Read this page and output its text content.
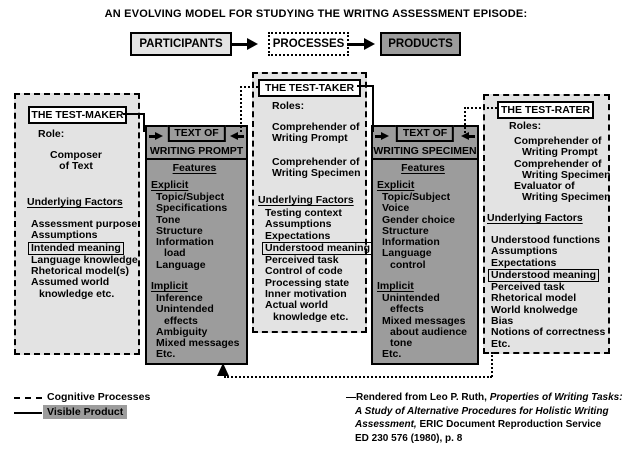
AN EVOLVING MODEL FOR STUDYING THE WRITNG ASSESSMENT EPISODE:
PARTICIPANTS	PROCESSES	PRODUCTS
THE TEST-MAKER
Role:
Composer
of Text
Underlying Factors
Assessment purpose
Assumptions
Intended meaning
Language knowledge
Rhetorical model(s)
Assumed world
knowledge etc.
TEXT OF
WRITING PROMPT
Features
Explicit
Topic/Subject
Specifications
Tone
Structure
Information
load
Language
Implicit
Inference
Unintended
effects
Ambiguity
Mixed messages
Etc.
THE TEST-TAKER
Roles:
Comprehender of
Writing Prompt
Comprehender of
Writing Specimen
Underlying Factors
Testing context
Assumptions
Expectations
Understood meaning
Perceived task
Control of code
Processing state
Inner motivation
Actual world
knowledge etc.
TEXT OF
WRITING SPECIMEN
Features
Explicit
Topic/Subject
Voice
Gender choice
Structure
Information
Language
control
Implicit
Unintended
effects
Mixed messages
about audience
tone
Etc.
THE TEST-RATER
Roles:
Comprehender of
Writing Prompt
Comprehender of
Writing Specimen
Evaluator of
Writing Specimen
Underlying Factors
Understood functions
Assumptions
Expectations
Understood meaning
Perceived task
Rhetorical model
World knolwedge
Bias
Notions of correctness
Etc.
Cognitive Processes
Visible Product
—Rendered from Leo P. Ruth, Properties of Writing Tasks:
A Study of Alternative Procedures for Holistic Writing
Assessment, ERIC Document Reproduction Service
ED 230 576 (1980), p. 8
